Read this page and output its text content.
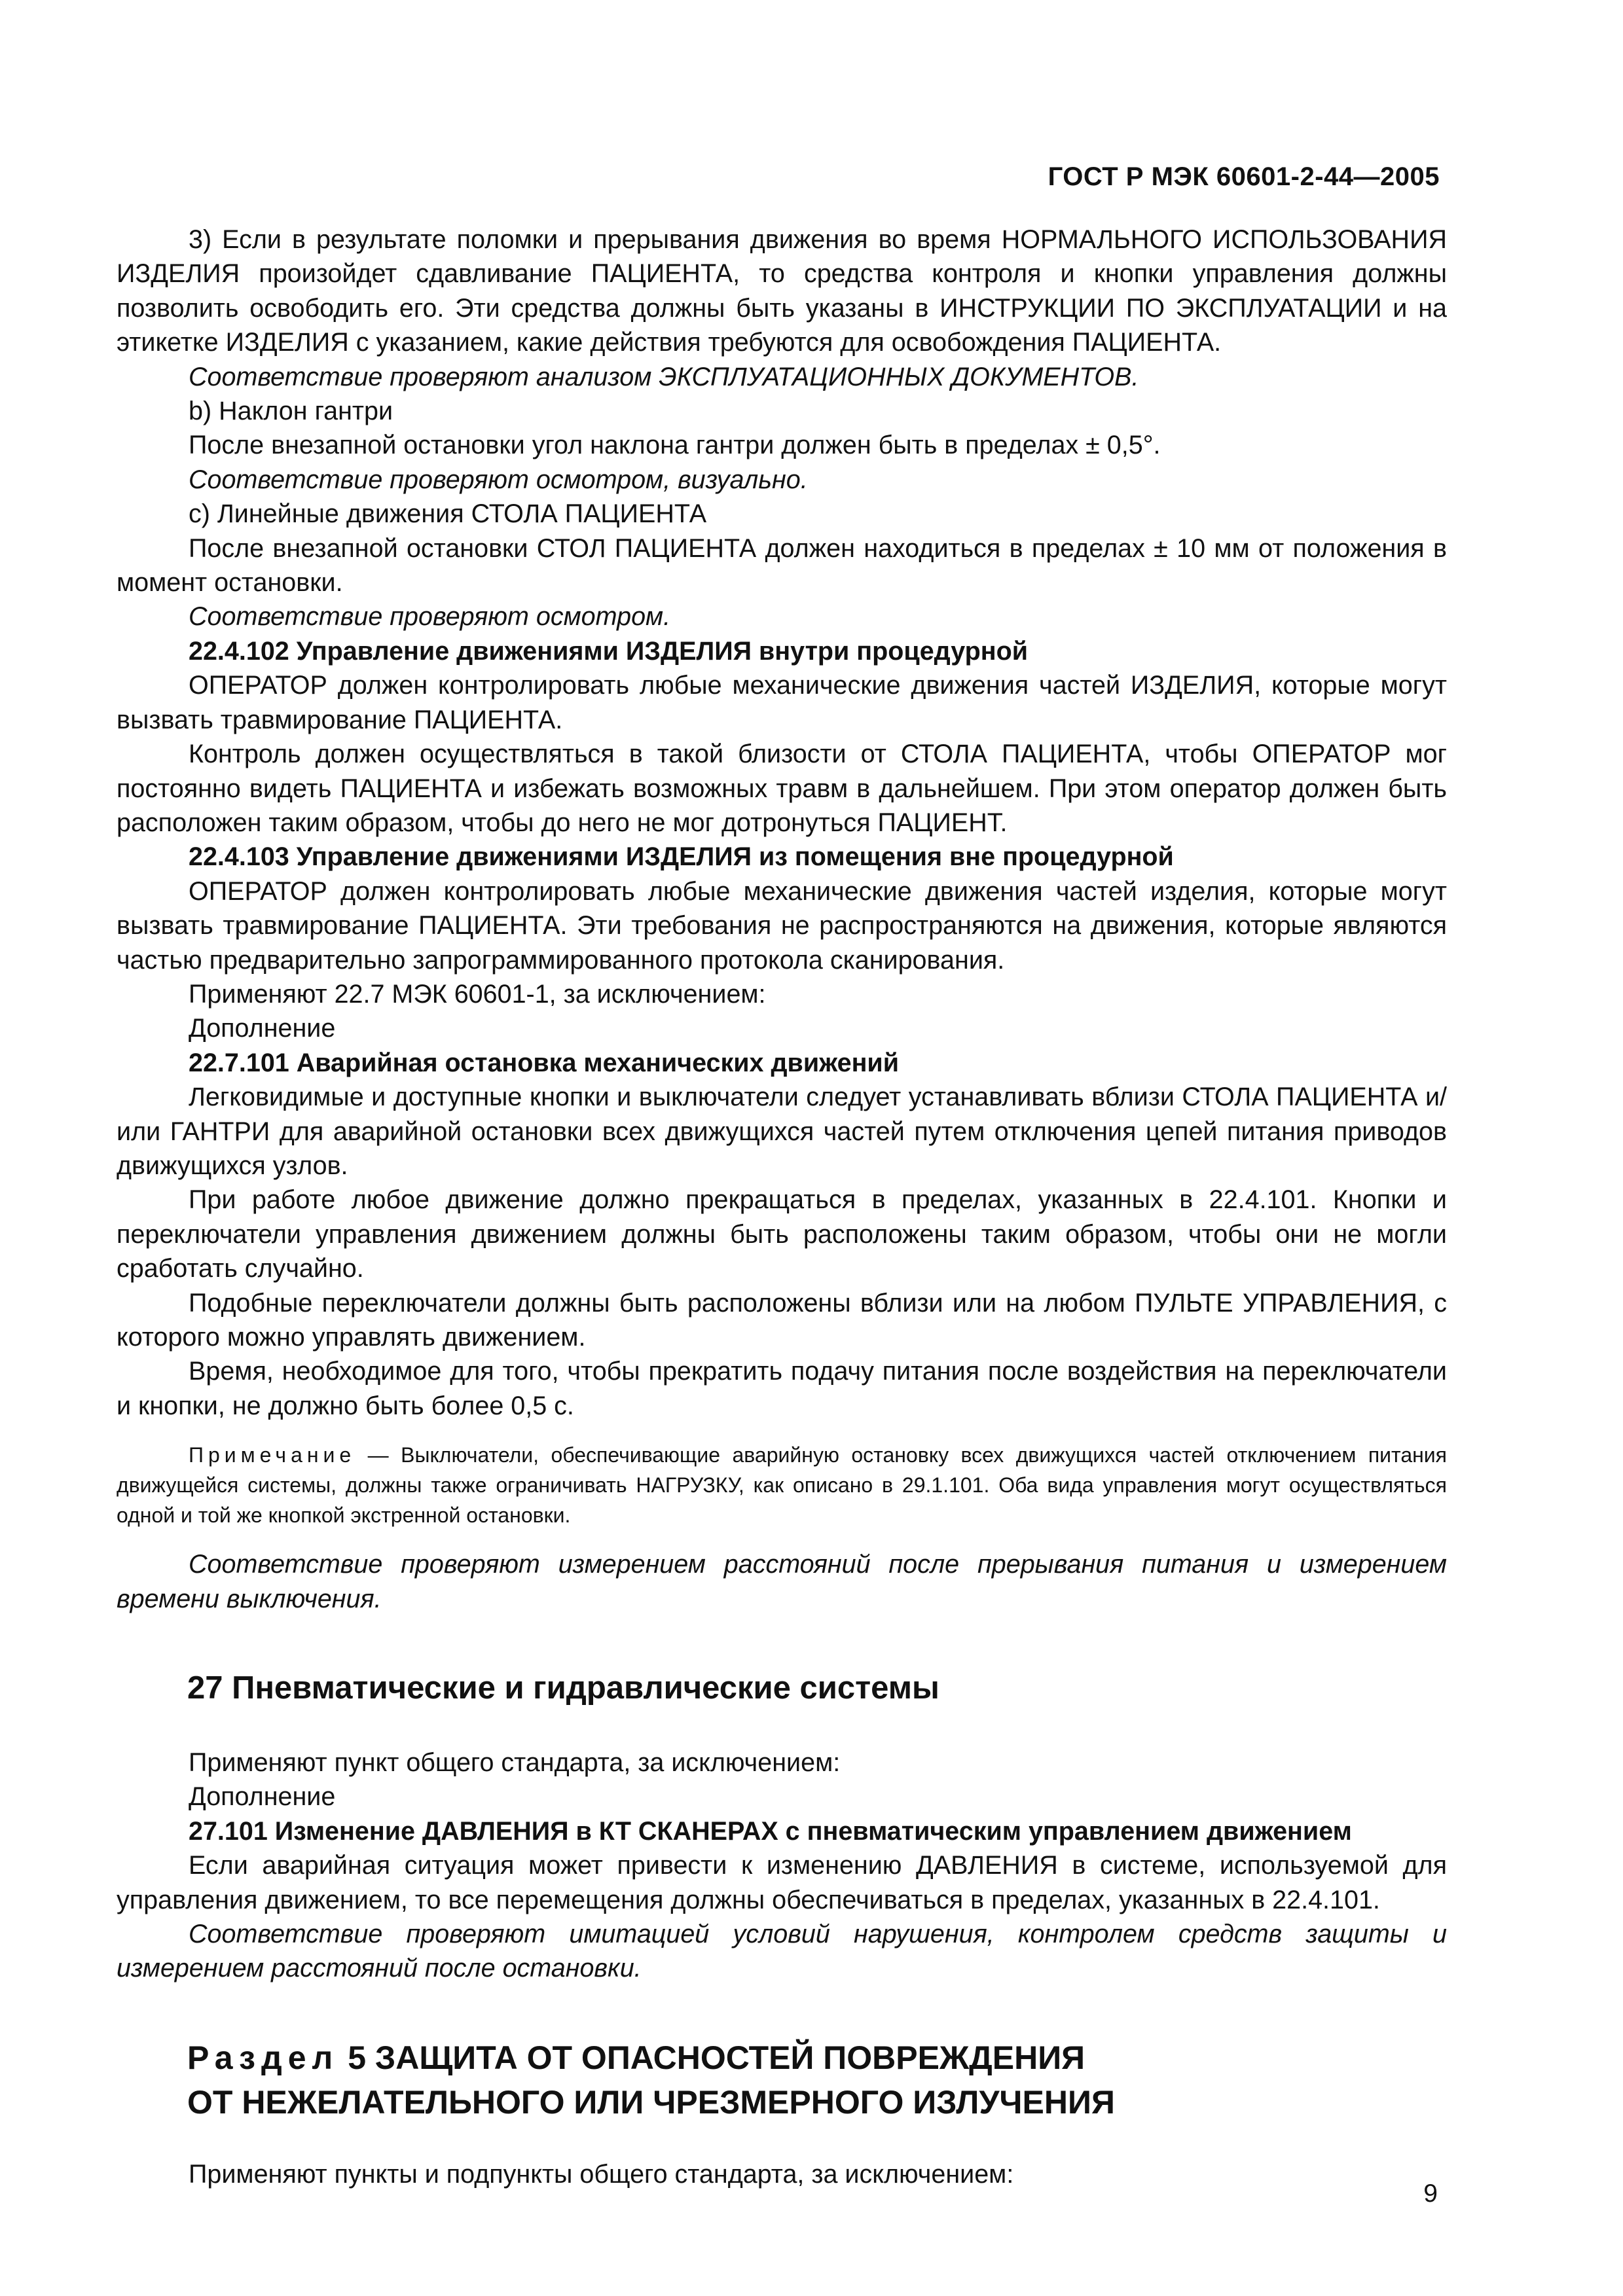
ГОСТ Р МЭК 60601-2-44—2005

3) Если в результате поломки и прерывания движения во время НОРМАЛЬНОГО ИСПОЛЬЗОВАНИЯ ИЗДЕЛИЯ произойдет сдавливание ПАЦИЕНТА, то средства контроля и кнопки управления должны позволить освободить его. Эти средства должны быть указаны в ИНСТРУКЦИИ ПО ЭКСПЛУАТАЦИИ и на этикетке ИЗДЕЛИЯ с указанием, какие действия требуются для освобождения ПАЦИЕНТА.

Соответствие проверяют анализом ЭКСПЛУАТАЦИОННЫХ ДОКУМЕНТОВ.

b) Наклон гантри

После внезапной остановки угол наклона гантри должен быть в пределах ± 0,5°.

Соответствие проверяют осмотром, визуально.

с) Линейные движения СТОЛА ПАЦИЕНТА

После внезапной остановки СТОЛ ПАЦИЕНТА должен находиться в пределах ± 10 мм от положения в момент остановки.

Соответствие проверяют осмотром.

22.4.102 Управление движениями ИЗДЕЛИЯ внутри процедурной

ОПЕРАТОР должен контролировать любые механические движения частей ИЗДЕЛИЯ, которые могут вызвать травмирование ПАЦИЕНТА.

Контроль должен осуществляться в такой близости от СТОЛА ПАЦИЕНТА, чтобы ОПЕРАТОР мог постоянно видеть ПАЦИЕНТА и избежать возможных травм в дальнейшем. При этом оператор должен быть расположен таким образом, чтобы до него не мог дотронуться ПАЦИЕНТ.

22.4.103 Управление движениями ИЗДЕЛИЯ из помещения вне процедурной

ОПЕРАТОР должен контролировать любые механические движения частей изделия, которые могут вызвать травмирование ПАЦИЕНТА. Эти требования не распространяются на движения, которые являются частью предварительно запрограммированного протокола сканирования.

Применяют 22.7 МЭК 60601-1, за исключением:

Дополнение

22.7.101 Аварийная остановка механических движений

Легковидимые и доступные кнопки и выключатели следует устанавливать вблизи СТОЛА ПАЦИЕНТА и/или ГАНТРИ для аварийной остановки всех движущихся частей путем отключения цепей питания приводов движущихся узлов.

При работе любое движение должно прекращаться в пределах, указанных в 22.4.101. Кнопки и переключатели управления движением должны быть расположены таким образом, чтобы они не могли сработать случайно.

Подобные переключатели должны быть расположены вблизи или на любом ПУЛЬТЕ УПРАВЛЕНИЯ, с которого можно управлять движением.

Время, необходимое для того, чтобы прекратить подачу питания после воздействия на переключатели и кнопки, не должно быть более 0,5 с.

Примечание — Выключатели, обеспечивающие аварийную остановку всех движущихся частей отключением питания движущейся системы, должны также ограничивать НАГРУЗКУ, как описано в 29.1.101. Оба вида управления могут осуществляться одной и той же кнопкой экстренной остановки.

Соответствие проверяют измерением расстояний после прерывания питания и измерением времени выключения.

27 Пневматические и гидравлические системы

Применяют пункт общего стандарта, за исключением:

Дополнение

27.101 Изменение ДАВЛЕНИЯ в КТ СКАНЕРАХ с пневматическим управлением движением

Если аварийная ситуация может привести к изменению ДАВЛЕНИЯ в системе, используемой для управления движением, то все перемещения должны обеспечиваться в пределах, указанных в 22.4.101.

Соответствие проверяют имитацией условий нарушения, контролем средств защиты и измерением расстояний после остановки.

Раздел 5 ЗАЩИТА ОТ ОПАСНОСТЕЙ ПОВРЕЖДЕНИЯ
ОТ НЕЖЕЛАТЕЛЬНОГО ИЛИ ЧРЕЗМЕРНОГО ИЗЛУЧЕНИЯ

Применяют пункты и подпункты общего стандарта, за исключением:

9
